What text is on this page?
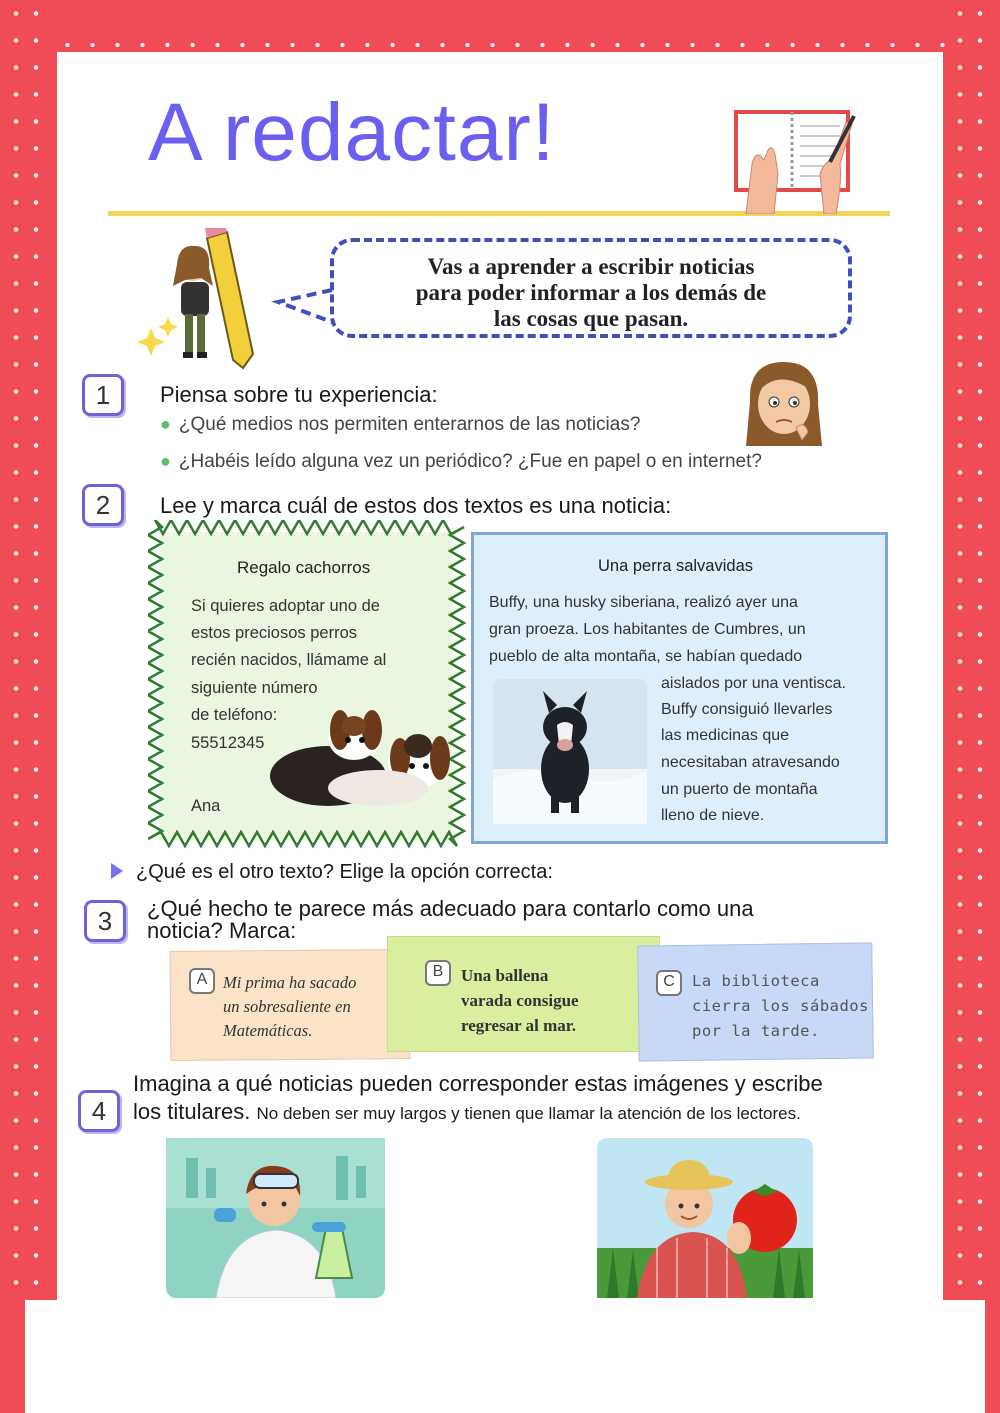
A redactar!
Vas a aprender a escribir noticias
para poder informar a los demás de
las cosas que pasan.
1	Piensa sobre tu experiencia:
● ¿Qué medios nos permiten enterarnos de las noticias?
● ¿Habéis leído alguna vez un periódico? ¿Fue en papel o en internet?
2	Lee y marca cuál de estos dos textos es una noticia:
Regalo cachorros
Si quieres adoptar uno de
estos preciosos perros
recién nacidos, llámame al
siguiente número
de teléfono:
55512345
Ana
Una perra salvavidas
Buffy, una husky siberiana, realizó ayer una
gran proeza. Los habitantes de Cumbres, un
pueblo de alta montaña, se habían quedado
aislados por una ventisca.
Buffy consiguió llevarles
las medicinas que
necesitaban atravesando
un puerto de montaña
lleno de nieve.
¿Qué es el otro texto? Elige la opción correcta:
3	¿Qué hecho te parece más adecuado para contarlo como una
noticia? Marca:
A Mi prima ha sacado
un sobresaliente en
Matemáticas.
B	Una ballena
varada consigue
regresar al mar.
C	La biblioteca
cierra los sábados
por la tarde.
4
Imagina a qué noticias pueden corresponder estas imágenes y escribe
los titulares. No deben ser muy largos y tienen que llamar la atención de los lectores.
